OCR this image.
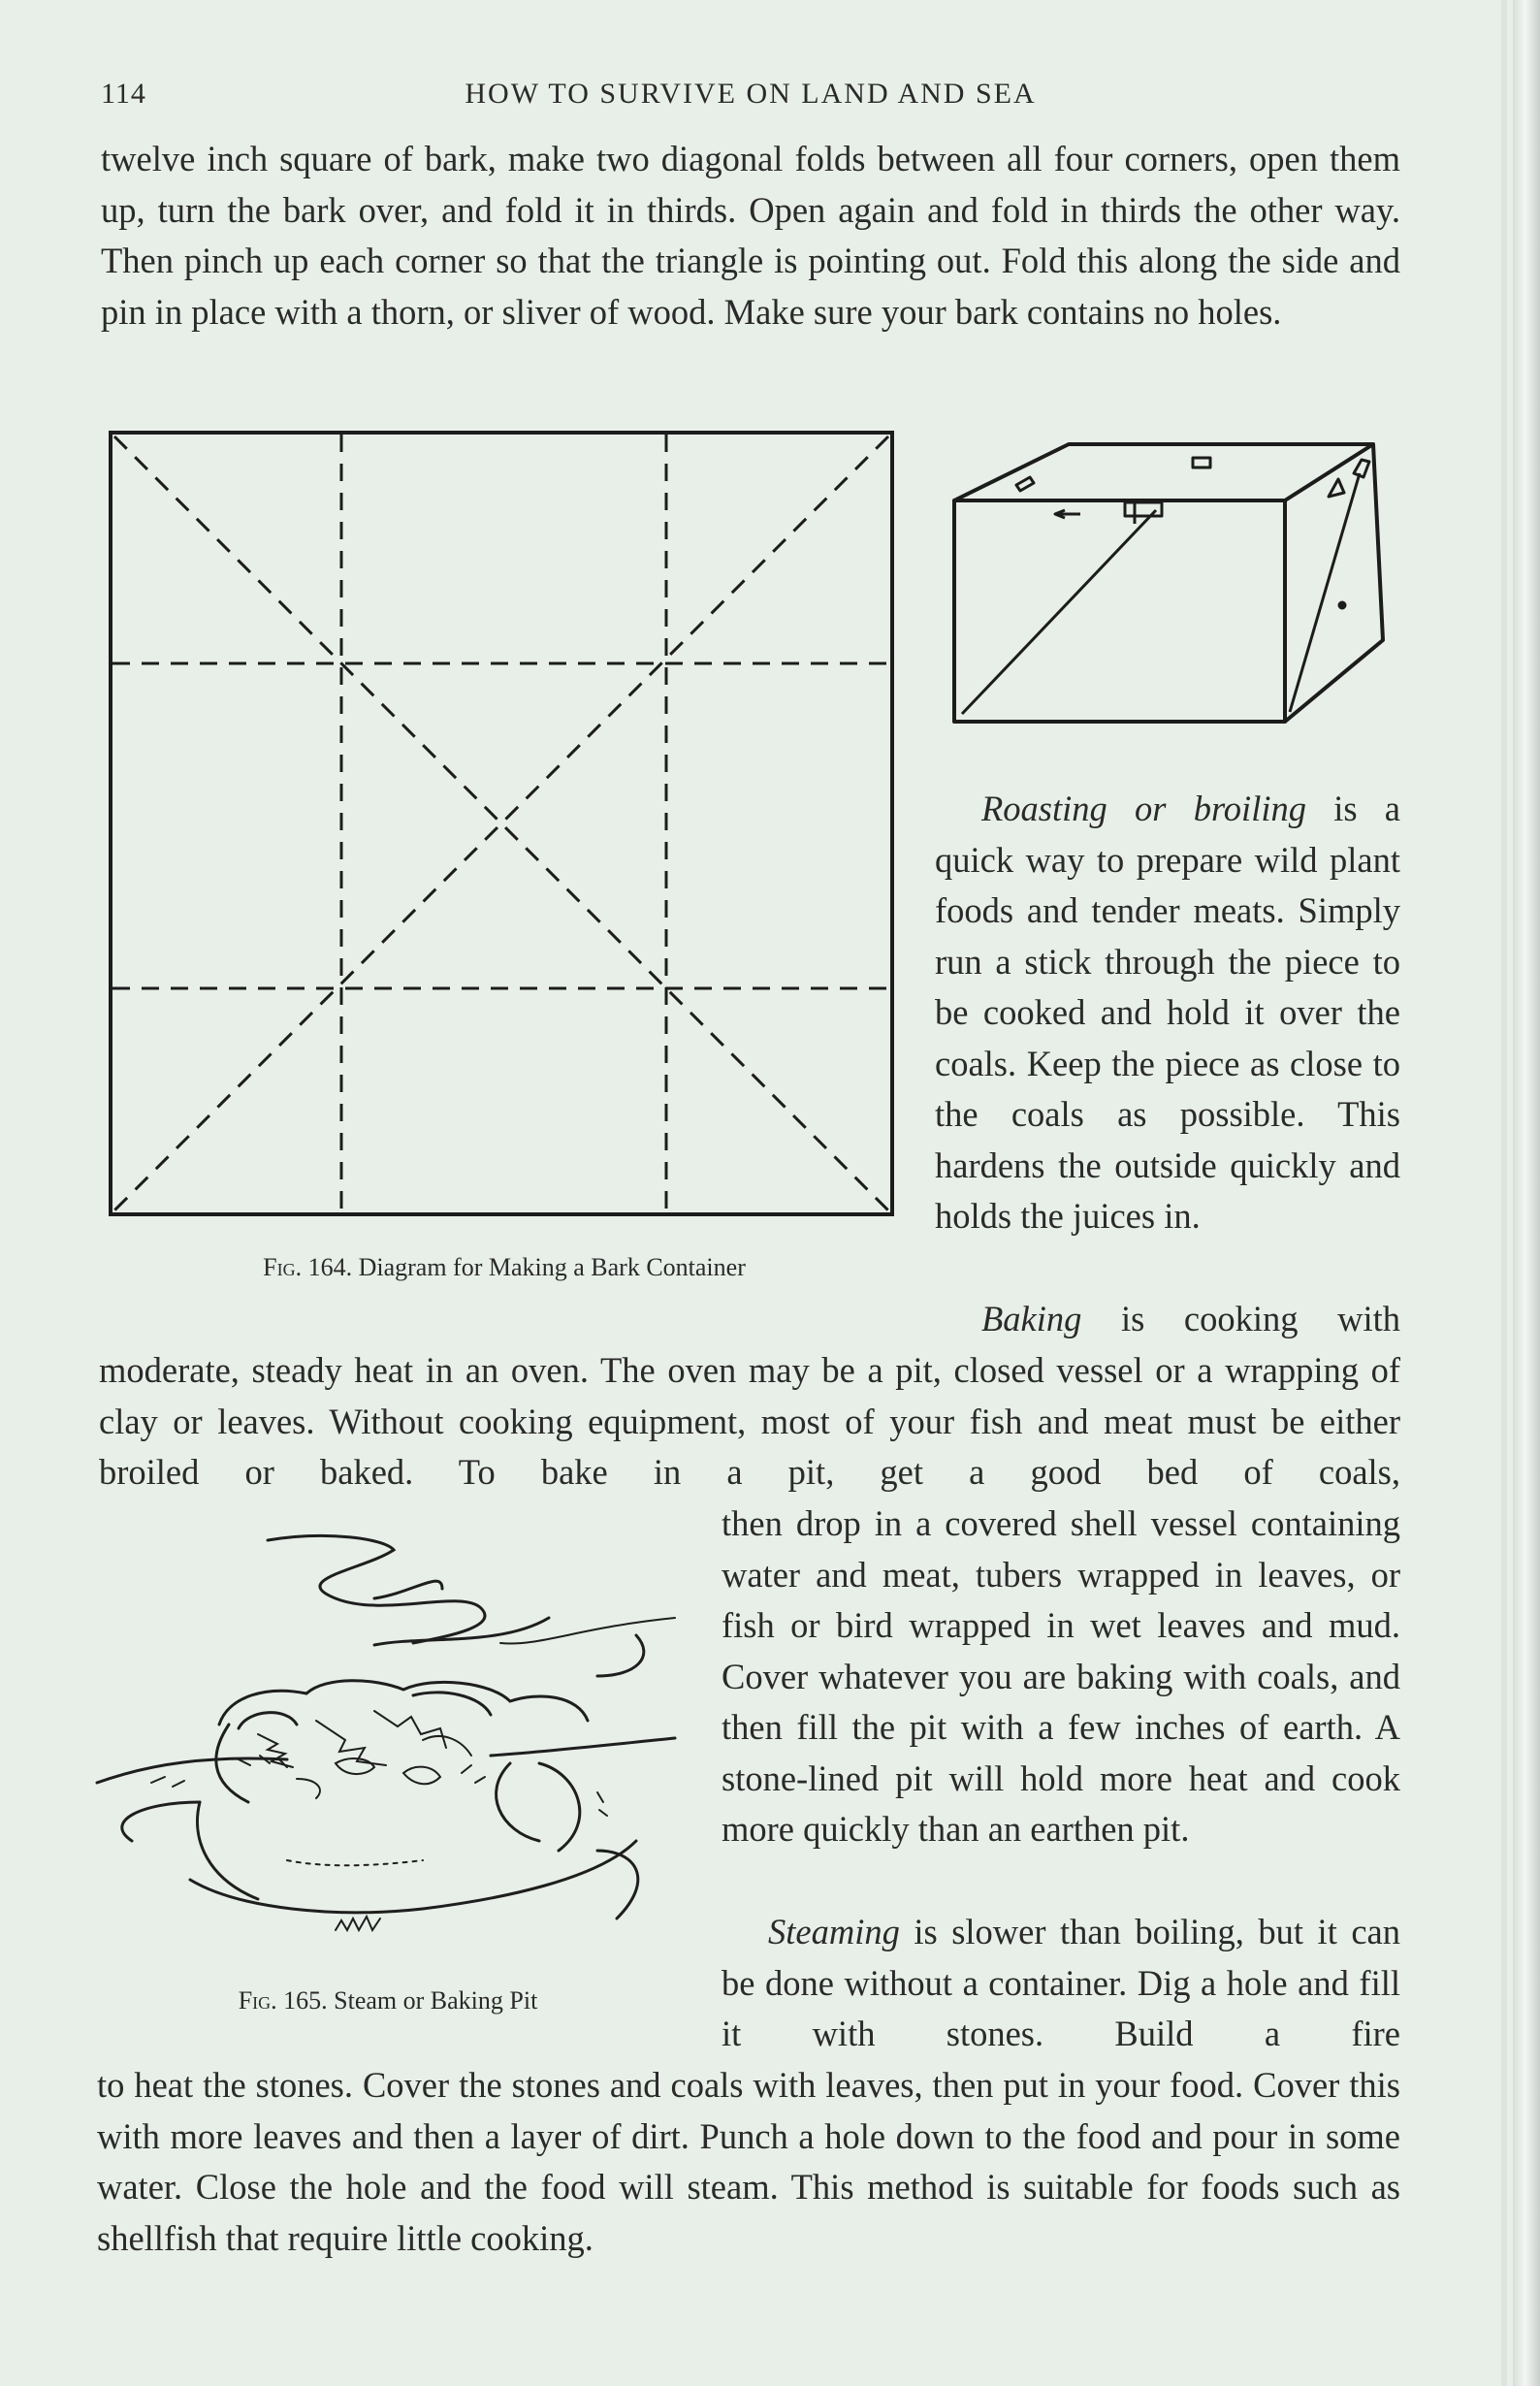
114	HOW TO SURVIVE ON LAND AND SEA

twelve inch square of bark, make two diagonal folds between all four corners, open them up, turn the bark over, and fold it in thirds. Open again and fold in thirds the other way. Then pinch up each corner so that the triangle is pointing out. Fold this along the side and pin in place with a thorn, or sliver of wood. Make sure your bark contains no holes.

Fig. 164. Diagram for Making a Bark Container

Roasting or broiling is a quick way to prepare wild plant foods and tender meats. Simply run a stick through the piece to be cooked and hold it over the coals. Keep the piece as close to the coals as possible. This hardens the outside quickly and holds the juices in.

Baking is cooking with

moderate, steady heat in an oven. The oven may be a pit, closed vessel or a wrapping of clay or leaves. Without cooking equipment, most of your fish and meat must be either broiled or baked. To bake in a pit, get a good bed of coals,

Fig. 165. Steam or Baking Pit

then drop in a covered shell vessel containing water and meat, tubers wrapped in leaves, or fish or bird wrapped in wet leaves and mud. Cover whatever you are baking with coals, and then fill the pit with a few inches of earth. A stone-lined pit will hold more heat and cook more quickly than an earthen pit.

Steaming is slower than boiling, but it can be done without a container. Dig a hole and fill it with stones. Build a fire

to heat the stones. Cover the stones and coals with leaves, then put in your food. Cover this with more leaves and then a layer of dirt. Punch a hole down to the food and pour in some water. Close the hole and the food will steam. This method is suitable for foods such as shellfish that require little cooking.
